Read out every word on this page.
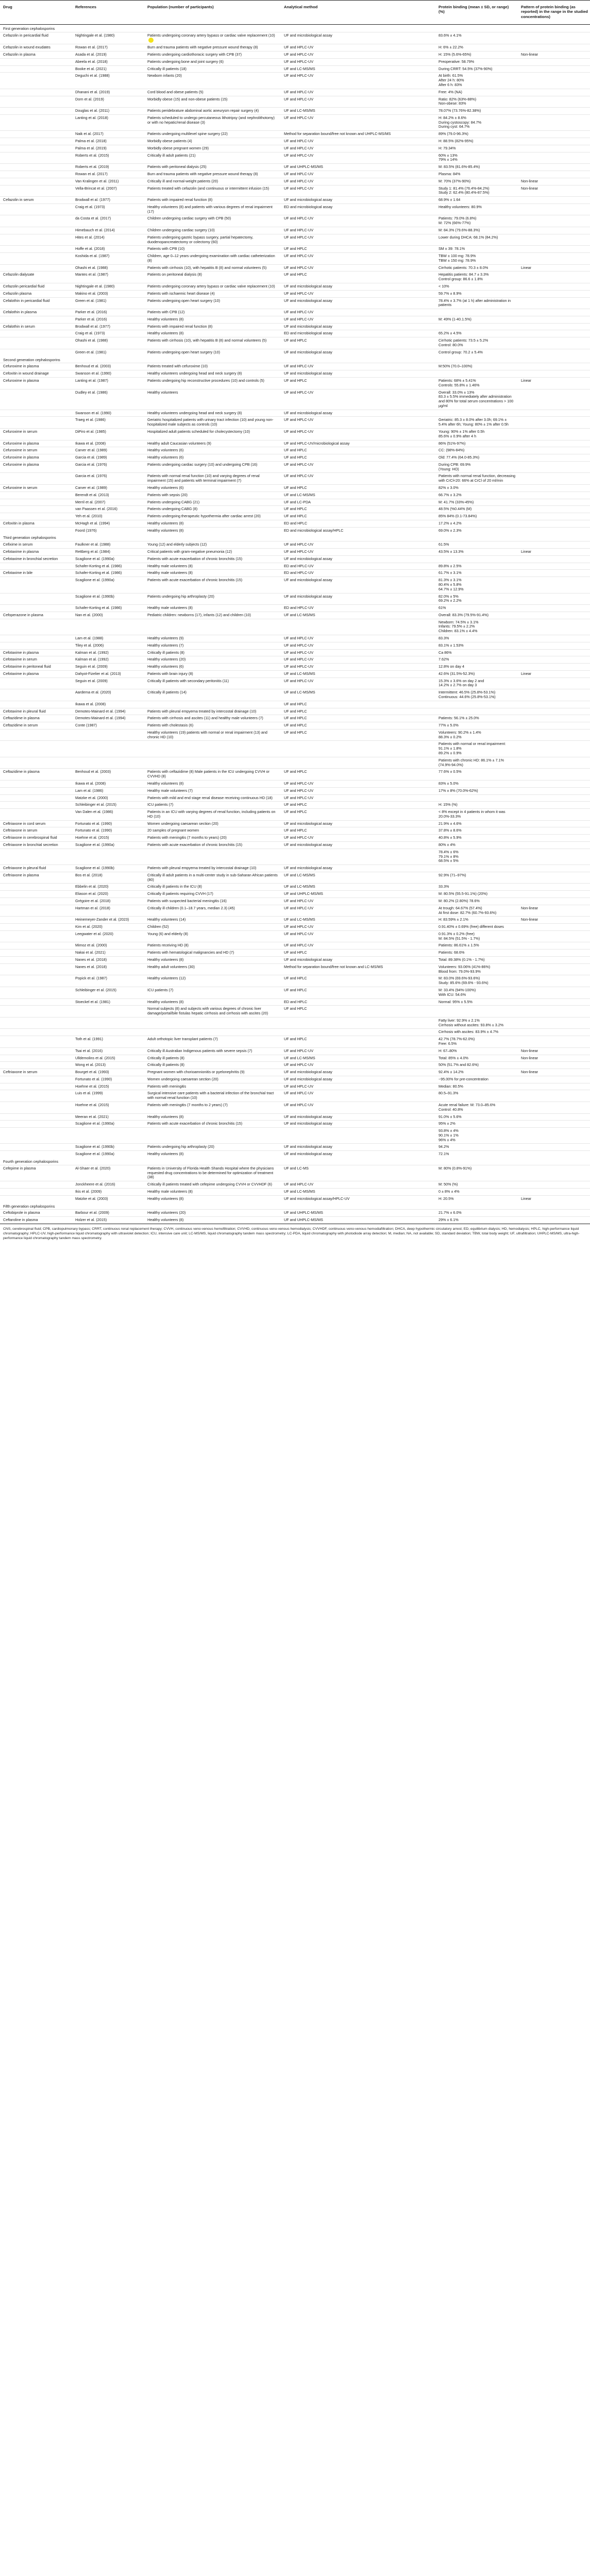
Drug	References	Population (number of participants)	Analytical method	Protein binding (mean ± SD, or range) (%)	Pattern of protein binding (as reported) in the range in the studied concentrations)
First generation cephalosporins					
Cefazolin in pericardial fluid	Nightingale et al. (1980)	Patients undergoing coronary artery bypass or cardiac valve replacement (10)	UF and microbiological assay	83.6% ± 4.1%	
Cefazolin in wound exudates	Rowan et al. (2017)	Burn and trauma patients with negative pressure wound therapy (8)	UF and HPLC-UV	H: 6% ± 22.2%	
Cefazolin in plasma	Asada et al. (2019)	Patients undergoing cardiothoracic surgery with CPB (37)	UF and HPLC-UV	H: 15% (5.6%-65%)	Non-linear
	Abeela et al. (2018)	Patients undergoing bone and joint surgery (6)	UF and HPLC-UV	Preoperative: 58.79%	
	Booke et al. (2021)	Critically ill patients (18)	UF and LC-MS/MS	During CRRT: 54.5% (37%-90%)	
	Deguchi et al. (1988)	Newborn infants (20)	UF and HPLC-UV	At birth: 61.5%
After 24 h: 80%
After 6 h: 83%	
	Dhanani et al. (2019)	Cord blood and obese patients (5)	UF and HPLC-UV	Free: 4% (NA)	
	Dorn et al. (2019)	Morbidly obese (15) and non-obese patients (15)	UF and HPLC-UV	Ratio: 82% (63%-88%)
Non-obese: 83%	
	Douglas et al. (2011)	Patients peridebrature abdominal aortic aneurysm repair surgery (4)	UF and LC-MS/MS	78.07% (73.76%-82.38%)	
	Lanting et al. (2018)	Patients scheduled to undergo percutaneous lithotripsy (and nephrolithotomy) or with no hepatic/renal disease (3)	UF and HPLC-UV	H: 84.2% ± 8.6%
During cystoscopy: 84.7%
During cyst: 64.7%	
	Naik et al. (2017)	Patients undergoing multilevel spine surgery (22)	Method for separation bound/free not known and UHPLC-MS/MS	89% (79.0-96.3%)	
	Palma et al. (2018)	Morbidly obese patients (4)	UF and HPLC-UV	H: 88.5% (82%-95%)	
	Palma et al. (2019)	Morbidly obese pregnant women (29)	UF and HPLC-UV	H: 79.34%	
	Roberts et al. (2015)	Critically ill adult patients (21)	UF and HPLC-UV	60% ± 13%
79% ± 14%	
	Roberts et al. (2019)	Patients with peritoneal dialysis (25)	UF and UHPLC-MS/MS	M: 83.5% (81.6%-85.4%)	
	Rowan et al. (2017)	Burn and trauma patients with negative pressure wound therapy (8)	UF and HPLC-UV	Plasma: 84%	
	Van Kralingen et al. (2011)	Critically ill and normal-weight patients (20)	UF and HPLC-UV	M: 70% (37%-90%)	Non-linear
	Vella-Brincat et al. (2007)	Patients treated with cefazolin (and continuous or intermittent infusion (15)	UF and HPLC-UV	Study 1: 81.4% (76.4%-84.2%)
Study 2: 62.4% (80.4%-87.5%)	Non-linear
Cefazolin in serum	Brodwall et al. (1977)	Patients with impaired renal function (8)	UF and microbiological assay	68.9% ± 1.64	
	Craig et al. (1973)	Healthy volunteers (8) and patients with various degrees of renal impairment (17)	ED and microbiological assay	Healthy volunteers: 80.9%	
	da Costa et al. (2017)	Children undergoing cardiac surgery with CPB (50)	UF and HPLC-UV	Patients: 79.0% (6.8%)
M: 72% (66%-77%)	
	Himebauch et al. (2014)	Children undergoing cardiac surgery (10)	UF and HPLC-UV	M: 84.3% (79.6%-88.3%)	
	Hites et al. (2014)	Patients undergoing gastric bypass surgery, partial hepatectomy, duodenopancreatectomy or colectomy (60)	UF and HPLC-UV	Lower during DHCA: 68.1% (84.2%)	
	Hoffe et al. (2018)	Patients with CPB (10)	UF and HPLC	SM ± 39: 78.1%	
	Koshida et al. (1987)	Children, age 0–12 years undergoing examination with cardiac catheterization (8)	UF and HPLC-UV	TBW ± 100 mg: 78.9%
TBW ± 150 mg: 78.9%	
	Ohashi et al. (1988)	Patients with cirrhosis (10), with hepatitis B (8) and normal volunteers (5)	UF and HPLC-UV	Cirrhotic patients: 70.3 ± 8.0%	Linear
Cefazolin dialysate	Mantes et al. (1987)	Patients on peritoneal dialysis (8)	UF and HPLC	Hepatitis patients: 84.7 ± 3.3%
Control group: 86.6 ± 1.8%	
Cefazolin pericardial fluid	Nightingale et al. (1980)	Patients undergoing coronary artery bypass or cardiac valve replacement (10)	UF and microbiological assay	< 10%	
Cefazolin plasma	Makino et al. (2003)	Patients with ischaemic heart disease (4)	UF and HPLC-UV	59.7% ± 8.9%	
Cefalothin in pericardial fluid	Green et al. (1981)	Patients undergoing open heart surgery (10)	UF and microbiological assay	78.4% ± 3.7% (at 1 h) after administration in patients	
Cefalothin in plasma	Parker et al. (2016)	Patients with CPB (12)	UF and HPLC-UV		
	Parker et al. (2016)	Healthy volunteers (8)	UF and HPLC-UV	M: 49% (1-40.1.5%)	
Cefalothin in serum	Brodwall et al. (1977)	Patients with impaired renal function (8)	UF and microbiological assay		
	Craig et al. (1973)	Healthy volunteers (8)	ED and microbiological assay	65.2% ± 4.5%	
	Ohashi et al. (1988)	Patients with cirrhosis (10), with hepatitis B (8) and normal volunteers (5)	UF and HPLC	Cirrhotic patients: 73.5 ± 5.2%
Control: 80.0%	
	Green et al. (1981)	Patients undergoing open heart surgery (10)	UF and microbiological assay	Control group: 70.2 ± 5.4%	
Second generation cephalosporins					
Cefuroxime in plasma	Benhoud et al. (2003)	Patients treated with cefuroxime (10)	UF and HPLC-UV	M:50% (70.0–100%)	
Cefoxitin in wound drainage	Swanson et al. (1990)	Healthy volunteers undergoing head and neck surgery (8)	UF and microbiological assay		
Cefuroxime in plasma	Lanting et al. (1987)	Patients undergoing hip reconstructive procedures (10) and controls (5)	UF and HPLC	Patients: 68% ± 5.41%
Controls: 55.8% ± 1.46%	Linear
	Dudley et al. (1986)	Healthy volunteers	UF and HPLC-UV	Overall: 33.0% ± 13%
83.3 ± 5.5% immediately after administration and 80% for total serum concentrations > 100 µg/ml	
	Swanson et al. (1990)	Healthy volunteers undergoing head and neck surgery (8)	UF and microbiological assay		
	Traeg et al. (1986)	Geriatric hospitalized patients with urinary tract infection (10) and young non-hospitalized male subjects as controls (10)	UF and HPLC-UV	Geriatric: 85.3 ± 8.0% after 3.0h; 69.1% ± 5.4% after 6h; Young: 80% ± 1% after 0.5h	
Cefuroxime in serum	DiPiro et al. (1985)	Hospitalized adult patients scheduled for cholecystectomy (10)	UF and HPLC-UV	Young: 90% ± 1% after 0.5h
85.6% ± 0.9% after 4 h	
Cefuroxime in plasma	Ikawa et al. (2008)	Healthy adult Caucasian volunteers (9)	UF and HPLC-UV/microbiological assay	86% (51%-97%)	
Cefuroxime in serum	Carver et al. (1989)	Healthy volunteers (6)	UF and HPLC	CC: (98%-84%)	
Cefuroxime in plasma	Garcia et al. (1989)	Healthy volunteers (6)	UF and HPLC	Old: 77.4% (64.0-85.3%)	
Cefuroxime in plasma	Garcia et al. (1976)	Patients undergoing cardiac surgery (10) and undergoing CPB (16)	UF and HPLC-UV	During CPB: 69.9%
(Young: HO)	
	Garcia et al. (1976)	Patients with normal renal function (10) and varying degrees of renal impairment (15) and patients with terminal impairment (7)	UF and HPLC-UV	Patients with normal renal function, decreasing with CrCl<20: 66% at CrCl of 20 ml/min	
Cefuroxime in serum	Carver et al. (1989)	Healthy volunteers (6)	UF and HPLC	82% ± 3.0%	
	Berendt et al. (2013)	Patients with sepsis (20)	UF and LC-MS/MS	66.7% ± 3.2%	
	Merril et al. (2007)	Patients undergoing CABG (21)	UF and LC-PDA	M: 41.7% (33%-45%)	
	van Paassen et al. (2016)	Patients undergoing CABG (8)	UF and HPLC	48.5% (%0.44% (M)	
	Yeh et al. (2010)	Patients undergoing therapeutic hypothermia after cardiac arrest (20)	UF and HPLC	85% 84% (0.1-73.84%)	
Cefoxitin in plasma	McHagh et al. (1994)	Healthy volunteers (8)	ED and HPLC	17.2% ± 4.2%	
	Foord (1976)	Healthy volunteers (8)	ED and microbiological assay/HPLC	69.0% ± 2.3%	
Third generation cephalosporins					
Cefixime in serum	Faulkner et al. (1988)	Young (12) and elderly subjects (12)	UF and HPLC-UV	61.5%	
Cefotaxime in plasma	Rettberg et al. (1984)	Critical patients with gram-negative pneumonia (12)	UF and HPLC-UV	43.5% ± 13.3%	Linear
Cefotaxime in bronchial secretion	Scaglione et al. (1990a)	Patients with acute exacerbation of chronic bronchitis (15)	UF and microbiological assay		
	Schafer-Korting et al. (1986)	Healthy male volunteers (8)	ED and HPLC-UV	89.8% ± 2.5%	
Cefotaxime in bile	Schafer-Korting et al. (1986)	Healthy male volunteers (8)	ED and HPLC-UV	61.7% ± 3.1%	
	Scaglione et al. (1990a)	Patients with acute exacerbation of chronic bronchitis (15)	UF and microbiological assay	81.3% ± 3.1%
80.4% ± 5.8%
64.7% ± 12.9%	
	Scaglione et al. (1990b)	Patients undergoing hip arthroplasty (20)	UF and microbiological assay	82.0% ± 5%
69.2% ± 2.2%	
	Schafer-Korting et al. (1986)	Healthy male volunteers (8)	ED and HPLC-UV	61%	
Cefoperazone in plasma	Nan et al. (2000)	Pediatric children: newborns (17), infants (12) and children (10)	UF and LC-MS/MS	Overall: 83.3% (79.5%-91.4%)	
				Newborn: 74.5% ± 3.1%
Infants: 79.5% ± 2.2%
Children: 83.1% ± 4.4%	
	Lam et al. (1988)	Healthy volunteers (9)	UF and HPLC-UV	83.3%	
	Tiley et al. (2006)	Healthy volunteers (7)	UF and HPLC-UV	83.1% ± 1.53%	
Cefotaxime in plasma	Kalman et al. (1992)	Critically ill patients (8)	UF and HPLC-UV	Ca 86%	
Cefotaxime in serum	Kalman et al. (1992)	Healthy volunteers (20)	UF and HPLC-UV	7.62%	
Cefotaxime in peritoneal fluid	Seguin et al. (2009)	Healthy volunteers (6)	UF and HPLC-UV	12.8% on day 4	
Cefotaxime in plasma	Dahyot-Fizelier et al. (2013)	Patients with brain injury (8)	UF and LC-MS/MS	42.6% (31.5%-52.3%)	Linear
	Seguin et al. (2009)	Critically ill patients with secondary peritonitis (11)	UF and HPLC-UV	15.3% ± 3.6% on day 2 and
14.2% ± 2.7% on day 3	
	Aardema et al. (2020)	Critically ill patients (14)	UF and LC-MS/MS	Intermittent: 46.5% (25.8%-53.1%)
Continuous: 44.6% (25.8%-53.1%)	
	Ikawa et al. (2008)		UF and HPLC		
Cefotaxime in pleural fluid	Demotes-Mainard et al. (1994)	Patients with pleural empyema treated by intercostal drainage (10)	UF and HPLC		
Ceftazidime in plasma	Demotes-Mainard et al. (1994)	Patients with cirrhosis and ascites (11) and healthy male volunteers (7)	UF and HPLC	Patients: 56.1% ± 25.0%	
Ceftazidime in serum	Conte (1987)	Patients with cholestasis (6)	UF and HPLC	77% ± 5.0%	
		Healthy volunteers (19) patients with normal or renal impairment (13) and chronic HD (10)	UF and HPLC	Volunteers: 90.2% ± 1.4%
88.3% ± 0.2%	
				Patients with normal or renal impairment: 91.1% ± 1.8%
89.2% ± 0.9%	
				Patients with chronic HD: 86.1% ± 7.1% (74.9%-94.0%)	
Ceftazidime in plasma	Benhoud et al. (2003)	Patients with ceftazidime (8) Male patients in the ICU undergoing CVVH or CVVHD (8)	UF and HPLC	77.6% ± 0.5%	
	Ikawa et al. (2008)	Healthy volunteers (8)	UF and HPLC-UV	83% ± 5.0%	
	Lam et al. (1986)	Healthy male volunteers (7)	UF and HPLC-UV	17% ± 8% (70.0%-62%)	
	Matzke et al. (2000)	Patients with mild and end stage renal disease receiving continuous HD (18)	UF and HPLC-UV		
	Schleibinger et al. (2015)	ICU patients (7)	UF and HPLC	H: 15% (%)	
	Van Dalen et al. (1986)	Patients in an ICU with varying degrees of renal function, including patients on HD (10)	UF and HPLC	< 8% except in 4 patients in whom it was 20.0%-33.3%	
Ceftriaxone in cord serum	Fortunato et al. (1990)	Women undergoing caesarean section (20)	UF and microbiological assay	21.9% ± 4.6%	
Ceftriaxone in serum	Fortunato et al. (1990)	20 samples of pregnant women	UF and HPLC	37.8% ± 8.6%	
Ceftriaxone in cerebrospinal fluid	Hoehne et al. (2015)	Patients with meningitis (7 months to years) (20)	UF and HPLC-UV	40.8% ± 5.9%	
Ceftriaxone in bronchial secretion	Scaglione et al. (1990a)	Patients with acute exacerbation of chronic bronchitis (15)	UF and microbiological assay	80% ± 4%	
				78.4% ± 6%
79.1% ± 8%
68.5% ± 5%	
Ceftriaxone in pleural fluid	Scaglione et al. (1990b)	Patients with pleural empyema treated by intercostal drainage (10)	UF and microbiological assay		
Ceftriaxone in plasma	Bos et al. (2018)	Critically ill adult patients in a multi-center study in sub-Saharan African patients (80)	UF and LC-MS/MS	92.9% (71–97%)	
	Ebbelin et al. (2020)	Critically ill patients in the ICU (8)	UF and LC-MS/MS	33.3%	
	Eliason et al. (2020)	Critically ill patients requiring CVVH (17)	UF and UHPLC-MS/MS	M: 80.5% (55.5-91.1%) (20%)	
	Grégoire et al. (2018)	Patients with suspected bacterial meningitis (16)	UF and HPLC-UV	M: 80.2% (2.80%) 78.6%	
	Hartman et al. (2018)	Critically ill children (0.1–18.7 years, median 2.3) (45)	UF and HPLC-UV	At trough: 64.67% (57.4%)
At first dose: 82.7% (60.7%-93.6%)	Non-linear
	Heinemeyer-Zander et al. (2023)	Healthy volunteers (14)	UF and LC-MS/MS	H: 83.59% ± 2.1%	Non-linear
	Kim et al. (2020)	Children (52)	UF and HPLC-UV	0.91.40% ± 0.69% (free) different doses	
	Leegwater et al. (2020)	Young (6) and elderly (8)	UF and HPLC-UV	0.91.3% ± 0.2% (free)
M: 84.5% (51.5% - 1.7%)	
	Mimoz et al. (2000)	Patients receiving HD (8)	UF and HPLC-UV	Patients: 86.61% ± 1.5%	
	Nakai et al. (2021)	Patients with hematological malignancies and HD (7)	UF and HPLC	Patients: 68.6%	
	Nanes et al. (2018)	Healthy volunteers (8)	UF and microbiological assay	Total: 89.38% (0.1% - 1.7%)	
	Nanes et al. (2018)	Healthy adult volunteers (30)	Method for separation bound/free not known and LC-MS/MS	Volunteers: 93.06% (41%-86%)
Blood from: 79.0%-93.9%	
	Popick et al. (1987)	Healthy volunteers (12)	UF and HPLC	M: 83.0% (69.6%-93.6%)
Study: 85.6% (69.6% - 93.6%)	
	Schleibinger et al. (2015)	ICU patients (7)	UF and HPLC	M: 33.4% (94%-100%)
With ICU: 54.6%	
	Stoeckel et al. (1981)	Healthy volunteers (8)	ED and HPLC	Normal: 95% ± 5.5%	
		Normal subjects (8) and subjects with various degrees of chronic liver damage/portal/bile fistulas hepatic cirrhosis and cirrhosis with ascites (20)	UF and HPLC		
				Fatty liver: 92.9% ± 2.1%
Cirrhosis without ascites: 93.8% ± 3.2%	
				Cirrhosis with ascites: 83.9% ± 4.7%	
	Toth et al. (1991)	Adult orthotopic liver transplant patients (7)	UF and HPLC	42.7% (78.7%-62.0%)
Free: 6.5%	
	Tsai et al. (2016)	Critically ill Australian Indigenous patients with severe sepsis (7)	UF and HPLC-UV	H: 67–80%	Non-linear
	Ulldemolins et al. (2015)	Critically ill patients (8)	UF and LC-MS/MS	Total: 85% ± 4.0%	Non-linear
	Wong et al. (2013)	Critically ill patients (8)	UF and HPLC-UV	50% (51.7% and 82.6%)	
Ceftriaxone in serum	Bourget et al. (1993)	Pregnant women with chorioamnionitis or pyelonephritis (9)	UF and microbiological assay	92.4% ± 14.2%	Non-linear
	Fortunato et al. (1990)	Women undergoing caesarean section (20)	UF and microbiological assay	~95.00% for pre-concentration	
	Hoehne et al. (2015)	Patients with meningitis	UF and HPLC-UV	Median: 80.5%	
	Luis et al. (1999)	Surgical intensive care patients with a bacterial infection of the bronchial tract with normal renal function (10)	UF and HPLC-UV	80.5–91.3%	
	Hoehne et al. (2015)	Patients with meningitis (7 months to 2 years) (7)	UF and HPLC-UV	Acute renal failure: M: 73.0–85.6%
Control: 40.8%	
	Meeran et al. (2021)	Healthy volunteers (8)	UF and microbiological assay	91.0% ± 5.6%	
	Scaglione et al. (1990a)	Patients with acute exacerbation of chronic bronchitis (15)	UF and microbiological assay	95% ± 2%	
				93.8% ± 4%
90.1% ± 1%
96% ± 4%	
	Scaglione et al. (1990b)	Patients undergoing hip arthroplasty (20)	UF and microbiological assay	94.2%	
	Scaglione et al. (1990a)	Healthy volunteers (8)	UF and microbiological assay	72.1%	
Fourth generation cephalosporins					
Cefepime in plasma	Al-Shaer et al. (2020)	Patients in University of Florida Health Shands Hospital where the physicians requested drug concentrations to be determined for optimization of treatment (38)	UF and LC-MS	M: 80% (0.8%-91%)	
	Jonckheere et al. (2016)	Critically ill patients treated with cefepime undergoing CVVH or CVVHDF (6)	UF and HPLC-UV	M: 50% (%)	
	Ikis et al. (2009)	Healthy male volunteers (8)	UF and LC-MS/MS	0 ± 8% ± 4%	
	Matzke et al. (2003)	Healthy volunteers (8)	UF and microbiological assay/HPLC-UV	H: 20.5%	Linear
Fifth generation cephalosporins					
Ceftobiprole in plasma	Barbour et al. (2009)	Healthy volunteers (20)	UF and UHPLC-MS/MS	21.7% ± 6.0%	
Ceftaroline in plasma	Holzer et al. (2015)	Healthy volunteers (8)	UF and UHPLC-MS/MS	29% ± 6.1%	
CNS, cerebrospinal fluid; CPB, cardiopulmonary bypass; CRRT, continuous renal replacement therapy; CVVH, continuous veno-venous hemofiltration; CVVHD, continuous veno-venous hemodialysis; CVVHDF, continuous veno-venous hemodiafiltration; DHCA, deep hypothermic circulatory arrest; ED, equilibrium dialysis; HD, hemodialysis; HPLC, high-performance liquid chromatography; HPLC-UV, high-performance liquid chromatography with ultraviolet detection; ICU, intensive care unit; LC-MS/MS, liquid chromatography tandem mass spectrometry; LC-PDA, liquid chromatography with photodiode array detection; M, median; NA, not available; SD, standard deviation; TBW, total body weight; UF, ultrafiltration; UHPLC-MS/MS, ultra-high-performance liquid chromatography tandem mass spectrometry.
